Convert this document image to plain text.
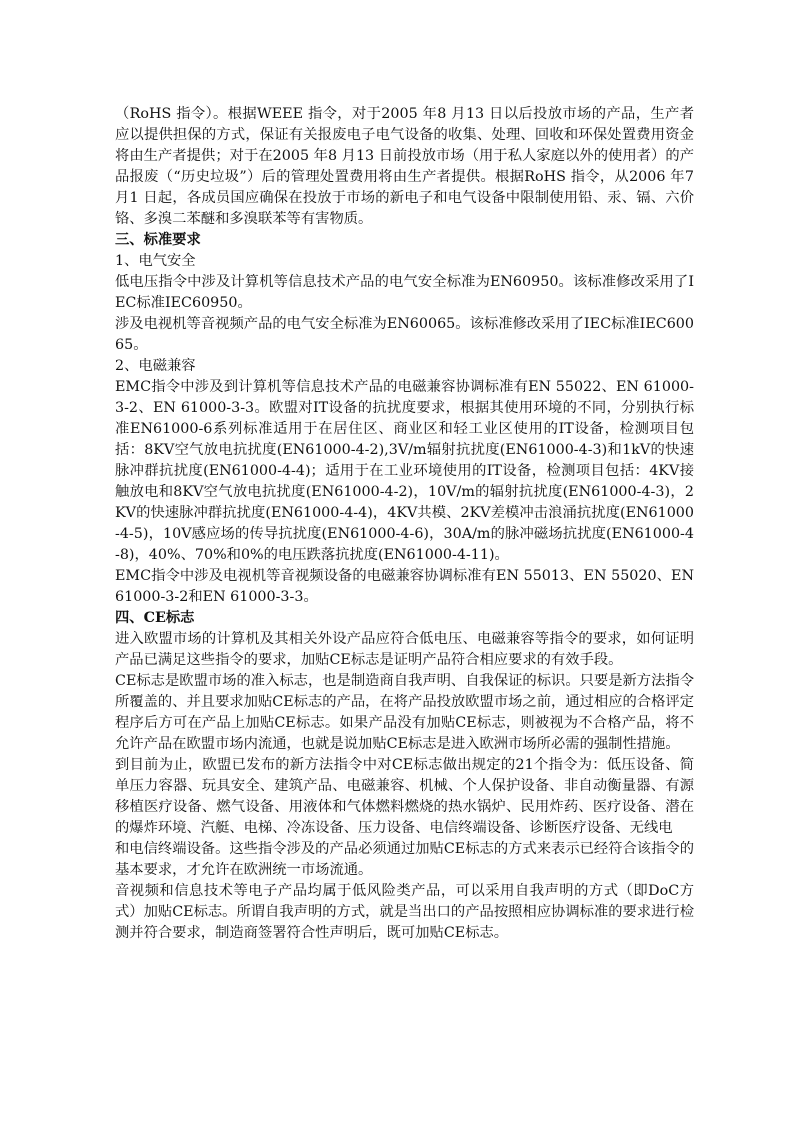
（RoHS 指令）。根据WEEE 指令，对于2005 年8 月13 日以后投放市场的产品，生产者应以提供担保的方式，保证有关报废电子电气设备的收集、处理、回收和环保处置费用资金将由生产者提供；对于在2005 年8 月13 日前投放市场（用于私人家庭以外的使用者）的产品报废（“历史垃圾”）后的管理处置费用将由生产者提供。根据RoHS 指令，从2006 年7 月1 日起，各成员国应确保在投放于市场的新电子和电气设备中限制使用铅、汞、镉、六价铬、多溴二苯醚和多溴联苯等有害物质。

三、标准要求

1、电气安全

低电压指令中涉及计算机等信息技术产品的电气安全标准为EN60950。该标准修改采用了IEC标准IEC60950。

涉及电视机等音视频产品的电气安全标准为EN60065。该标准修改采用了IEC标准IEC60065。

2、电磁兼容

EMC指令中涉及到计算机等信息技术产品的电磁兼容协调标准有EN 55022、EN 61000-3-2、EN 61000-3-3。欧盟对IT设备的抗扰度要求，根据其使用环境的不同，分别执行标准EN61000-6系列标准适用于在居住区、商业区和轻工业区使用的IT设备，检测项目包括：8KV空气放电抗扰度(EN61000-4-2),3V/m辐射抗扰度(EN61000-4-3)和1kV的快速脉冲群抗扰度(EN61000-4-4)；适用于在工业环境使用的IT设备，检测项目包括：4KV接触放电和8KV空气放电抗扰度(EN61000-4-2)，10V/m的辐射抗扰度(EN61000-4-3)，2KV的快速脉冲群抗扰度(EN61000-4-4)，4KV共模、2KV差模冲击浪涌抗扰度(EN61000-4-5)，10V感应场的传导抗扰度(EN61000-4-6)，30A/m的脉冲磁场抗扰度(EN61000-4-8)，40%、70%和0%的电压跌落抗扰度(EN61000-4-11)。

EMC指令中涉及电视机等音视频设备的电磁兼容协调标准有EN 55013、EN 55020、EN 61000-3-2和EN 61000-3-3。

四、CE标志

进入欧盟市场的计算机及其相关外设产品应符合低电压、电磁兼容等指令的要求，如何证明产品已满足这些指令的要求，加贴CE标志是证明产品符合相应要求的有效手段。

CE标志是欧盟市场的准入标志，也是制造商自我声明、自我保证的标识。只要是新方法指令所覆盖的、并且要求加贴CE标志的产品，在将产品投放欧盟市场之前，通过相应的合格评定程序后方可在产品上加贴CE标志。如果产品没有加贴CE标志，则被视为不合格产品，将不允许产品在欧盟市场内流通，也就是说加贴CE标志是进入欧洲市场所必需的强制性措施。

到目前为止，欧盟已发布的新方法指令中对CE标志做出规定的21个指令为：低压设备、简单压力容器、玩具安全、建筑产品、电磁兼容、机械、个人保护设备、非自动衡量器、有源移植医疗设备、燃气设备、用液体和气体燃料燃烧的热水锅炉、民用炸药、医疗设备、潜在的爆炸环境、汽艇、电梯、冷冻设备、压力设备、电信终端设备、诊断医疗设备、无线电

和电信终端设备。这些指令涉及的产品必须通过加贴CE标志的方式来表示已经符合该指令的基本要求，才允许在欧洲统一市场流通。

音视频和信息技术等电子产品均属于低风险类产品，可以采用自我声明的方式（即DoC方式）加贴CE标志。所谓自我声明的方式，就是当出口的产品按照相应协调标准的要求进行检测并符合要求，制造商签署符合性声明后，既可加贴CE标志。
